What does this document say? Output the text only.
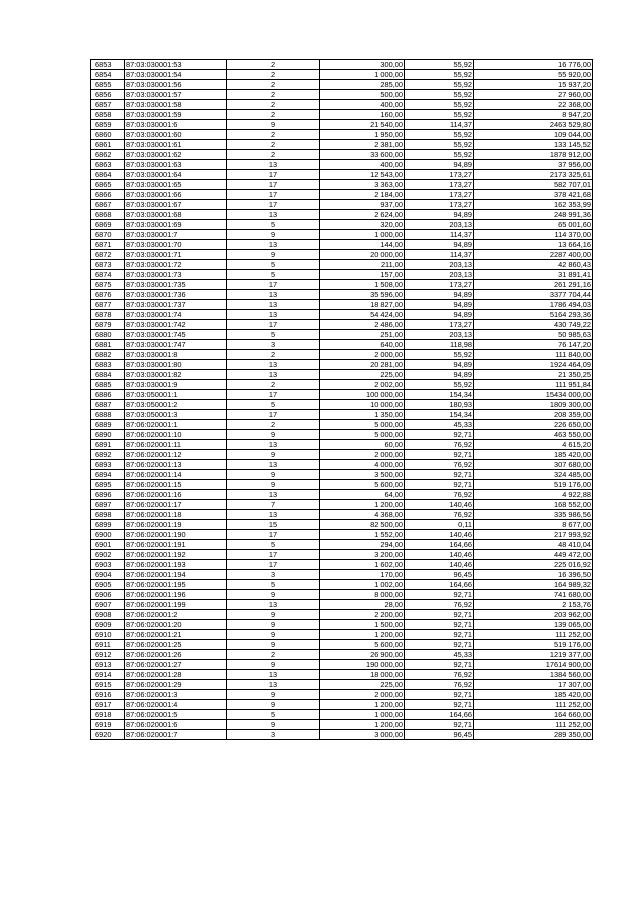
6853	87:03:030001:53	2	300,00	55,92	16 776,00
6854	87:03:030001:54	2	1 000,00	55,92	55 920,00
6855	87:03:030001:56	2	285,00	55,92	15 937,20
6856	87:03:030001:57	2	500,00	55,92	27 960,00
6857	87:03:030001:58	2	400,00	55,92	22 368,00
6858	87:03:030001:59	2	160,00	55,92	8 947,20
6859	87:03:030001:6	9	21 540,00	114,37	2463 529,80
6860	87:03:030001:60	2	1 950,00	55,92	109 044,00
6861	87:03:030001:61	2	2 381,00	55,92	133 145,52
6862	87:03:030001:62	2	33 600,00	55,92	1878 912,00
6863	87:03:030001:63	13	400,00	94,89	37 956,00
6864	87:03:030001:64	17	12 543,00	173,27	2173 325,61
6865	87:03:030001:65	17	3 363,00	173,27	582 707,01
6866	87:03:030001:66	17	2 184,00	173,27	378 421,68
6867	87:03:030001:67	17	937,00	173,27	162 353,99
6868	87:03:030001:68	13	2 624,00	94,89	248 991,36
6869	87:03:030001:69	5	320,00	203,13	65 001,60
6870	87:03:030001:7	9	1 000,00	114,37	114 370,00
6871	87:03:030001:70	13	144,00	94,89	13 664,16
6872	87:03:030001:71	9	20 000,00	114,37	2287 400,00
6873	87:03:030001:72	5	211,00	203,13	42 860,43
6874	87:03:030001:73	5	157,00	203,13	31 891,41
6875	87:03:030001:735	17	1 508,00	173,27	261 291,16
6876	87:03:030001:736	13	35 596,00	94,89	3377 704,44
6877	87:03:030001:737	13	18 827,00	94,89	1786 494,03
6878	87:03:030001:74	13	54 424,00	94,89	5164 293,36
6879	87:03:030001:742	17	2 486,00	173,27	430 749,22
6880	87:03:030001:745	5	251,00	203,13	50 985,63
6881	87:03:030001:747	3	640,00	118,98	76 147,20
6882	87:03:030001:8	2	2 000,00	55,92	111 840,00
6883	87:03:030001:80	13	20 281,00	94,89	1924 464,09
6884	87:03:030001:82	13	225,00	94,89	21 350,25
6885	87:03:030001:9	2	2 002,00	55,92	111 951,84
6886	87:03:050001:1	17	100 000,00	154,34	15434 000,00
6887	87:03:050001:2	5	10 000,00	180,93	1809 300,00
6888	87:03:050001:3	17	1 350,00	154,34	208 359,00
6889	87:06:020001:1	2	5 000,00	45,33	226 650,00
6890	87:06:020001:10	9	5 000,00	92,71	463 550,00
6891	87:06:020001:11	13	60,00	76,92	4 615,20
6892	87:06:020001:12	9	2 000,00	92,71	185 420,00
6893	87:06:020001:13	13	4 000,00	76,92	307 680,00
6894	87:06:020001:14	9	3 500,00	92,71	324 485,00
6895	87:06:020001:15	9	5 600,00	92,71	519 176,00
6896	87:06:020001:16	13	64,00	76,92	4 922,88
6897	87:06:020001:17	7	1 200,00	140,46	168 552,00
6898	87:06:020001:18	13	4 368,00	76,92	335 986,56
6899	87:06:020001:19	15	82 500,00	0,11	8 677,00
6900	87:06:020001:190	17	1 552,00	140,46	217 993,92
6901	87:06:020001:191	5	294,00	164,66	48 410,04
6902	87:06:020001:192	17	3 200,00	140,46	449 472,00
6903	87:06:020001:193	17	1 602,00	140,46	225 016,92
6904	87:06:020001:194	3	170,00	96,45	16 396,50
6905	87:06:020001:195	5	1 002,00	164,66	164 989,32
6906	87:06:020001:196	9	8 000,00	92,71	741 680,00
6907	87:06:020001:199	13	28,00	76,92	2 153,76
6908	87:06:020001:2	9	2 200,00	92,71	203 962,00
6909	87:06:020001:20	9	1 500,00	92,71	139 065,00
6910	87:06:020001:21	9	1 200,00	92,71	111 252,00
6911	87:06:020001:25	9	5 600,00	92,71	519 176,00
6912	87:06:020001:26	2	26 900,00	45,33	1219 377,00
6913	87:06:020001:27	9	190 000,00	92,71	17614 900,00
6914	87:06:020001:28	13	18 000,00	76,92	1384 560,00
6915	87:06:020001:29	13	225,00	76,92	17 307,00
6916	87:06:020001:3	9	2 000,00	92,71	185 420,00
6917	87:06:020001:4	9	1 200,00	92,71	111 252,00
6918	87:06:020001:5	5	1 000,00	164,66	164 660,00
6919	87:06:020001:6	9	1 200,00	92,71	111 252,00
6920	87:06:020001:7	3	3 000,00	96,45	289 350,00
